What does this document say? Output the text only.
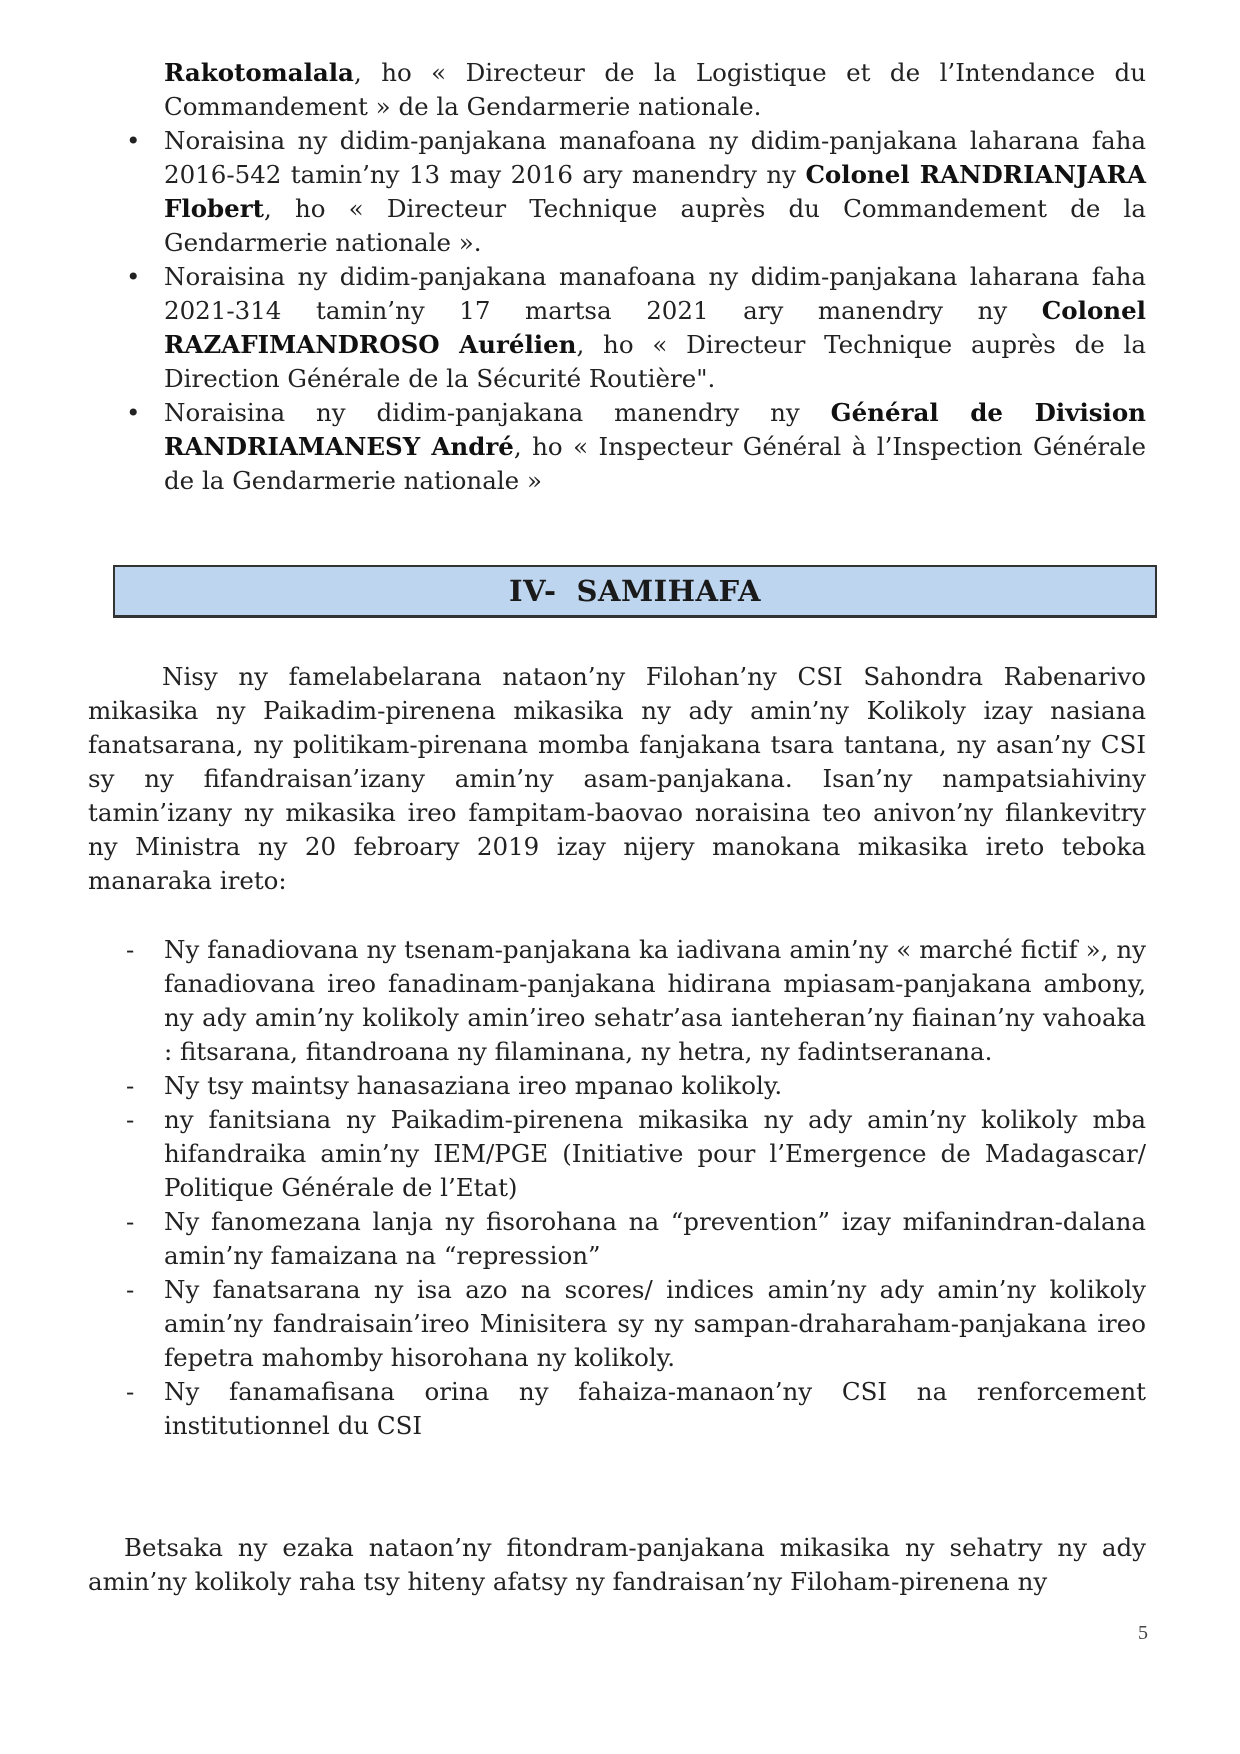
Rakotomalala, ho « Directeur de la Logistique et de l’Intendance du Commandement » de la Gendarmerie nationale.
• Noraisina ny didim-panjakana manafoana ny didim-panjakana laharana faha 2016-542 tamin’ny 13 may 2016 ary manendry ny Colonel RANDRIANJARA Flobert, ho « Directeur Technique auprès du Commandement de la Gendarmerie nationale ».
• Noraisina ny didim-panjakana manafoana ny didim-panjakana laharana faha 2021-314 tamin’ny 17 martsa 2021 ary manendry ny Colonel RAZAFIMANDROSO Aurélien, ho « Directeur Technique auprès de la Direction Générale de la Sécurité Routière".
• Noraisina ny didim-panjakana manendry ny Général de Division RANDRIAMANESY André, ho « Inspecteur Général à l’Inspection Générale de la Gendarmerie nationale »
IV- SAMIHAFA

Nisy ny famelabelarana nataon’ny Filohan’ny CSI Sahondra Rabenarivo mikasika ny Paikadim-pirenena mikasika ny ady amin’ny Kolikoly izay nasiana fanatsarana, ny politikam-pirenana momba fanjakana tsara tantana, ny asan’ny CSI sy ny fifandraisan’izany amin’ny asam-panjakana. Isan’ny nampatsiahiviny tamin’izany ny mikasika ireo fampitam-baovao noraisina teo anivon’ny filankevitry ny Ministra ny 20 febroary 2019 izay nijery manokana mikasika ireto teboka manaraka ireto:

- Ny fanadiovana ny tsenam-panjakana ka iadivana amin’ny « marché fictif », ny fanadiovana ireo fanadinam-panjakana hidirana mpiasam-panjakana ambony, ny ady amin’ny kolikoly amin’ireo sehatr’asa ianteheran’ny fiainan’ny vahoaka : fitsarana, fitandroana ny filaminana, ny hetra, ny fadintseranana.
- Ny tsy maintsy hanasaziana ireo mpanao kolikoly.
- ny fanitsiana ny Paikadim-pirenena mikasika ny ady amin’ny kolikoly mba hifandraika amin’ny IEM/PGE (Initiative pour l’Emergence de Madagascar/ Politique Générale de l’Etat)
- Ny fanomezana lanja ny fisorohana na “prevention” izay mifanindran-dalana amin’ny famaizana na “repression”
- Ny fanatsarana ny isa azo na scores/ indices amin’ny ady amin’ny kolikoly amin’ny fandraisain’ireo Minisitera sy ny sampan-draharaham-panjakana ireo fepetra mahomby hisorohana ny kolikoly.
- Ny fanamafisana orina ny fahaiza-manaon’ny CSI na renforcement institutionnel du CSI

Betsaka ny ezaka nataon’ny fitondram-panjakana mikasika ny sehatry ny ady amin’ny kolikoly raha tsy hiteny afatsy ny fandraisan’ny Filoham-pirenena ny

5
